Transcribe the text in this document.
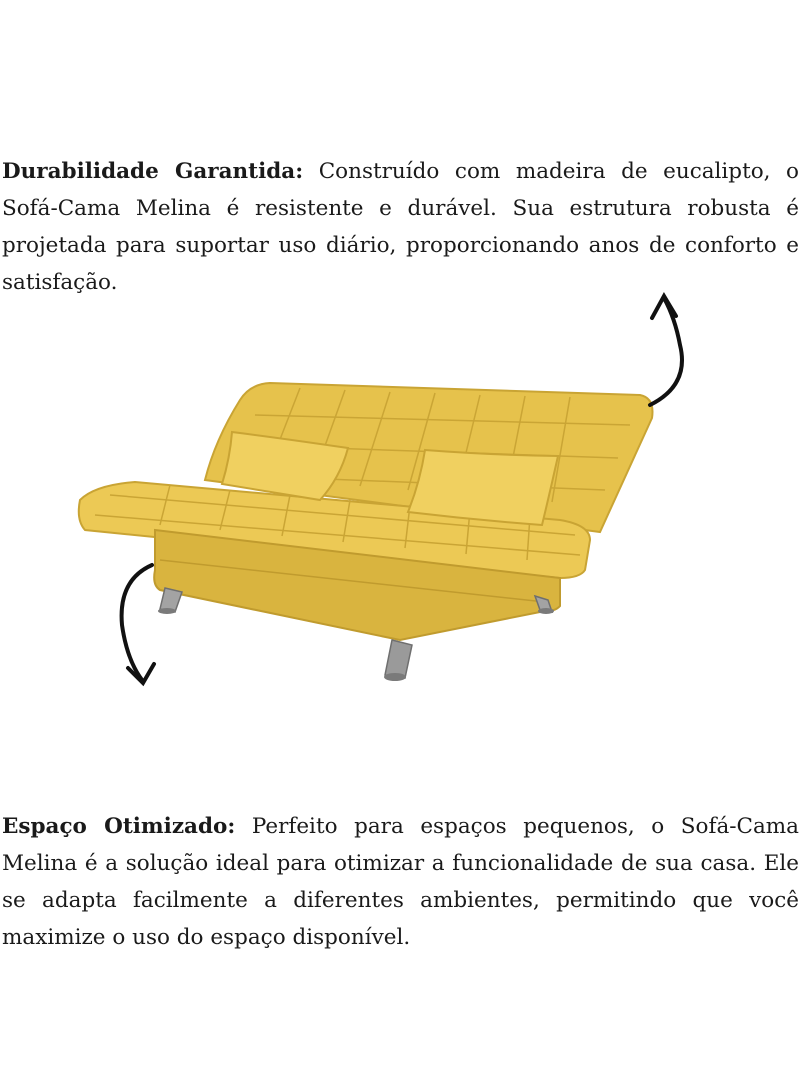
Durabilidade Garantida: Construído com madeira de eucalipto, o Sofá-Cama Melina é resistente e durável. Sua estrutura robusta é projetada para suportar uso diário, proporcionando anos de conforto e satisfação.

Espaço Otimizado: Perfeito para espaços pequenos, o Sofá-Cama Melina é a solução ideal para otimizar a funcionalidade de sua casa. Ele se adapta facilmente a diferentes ambientes, permitindo que você maximize o uso do espaço disponível.
